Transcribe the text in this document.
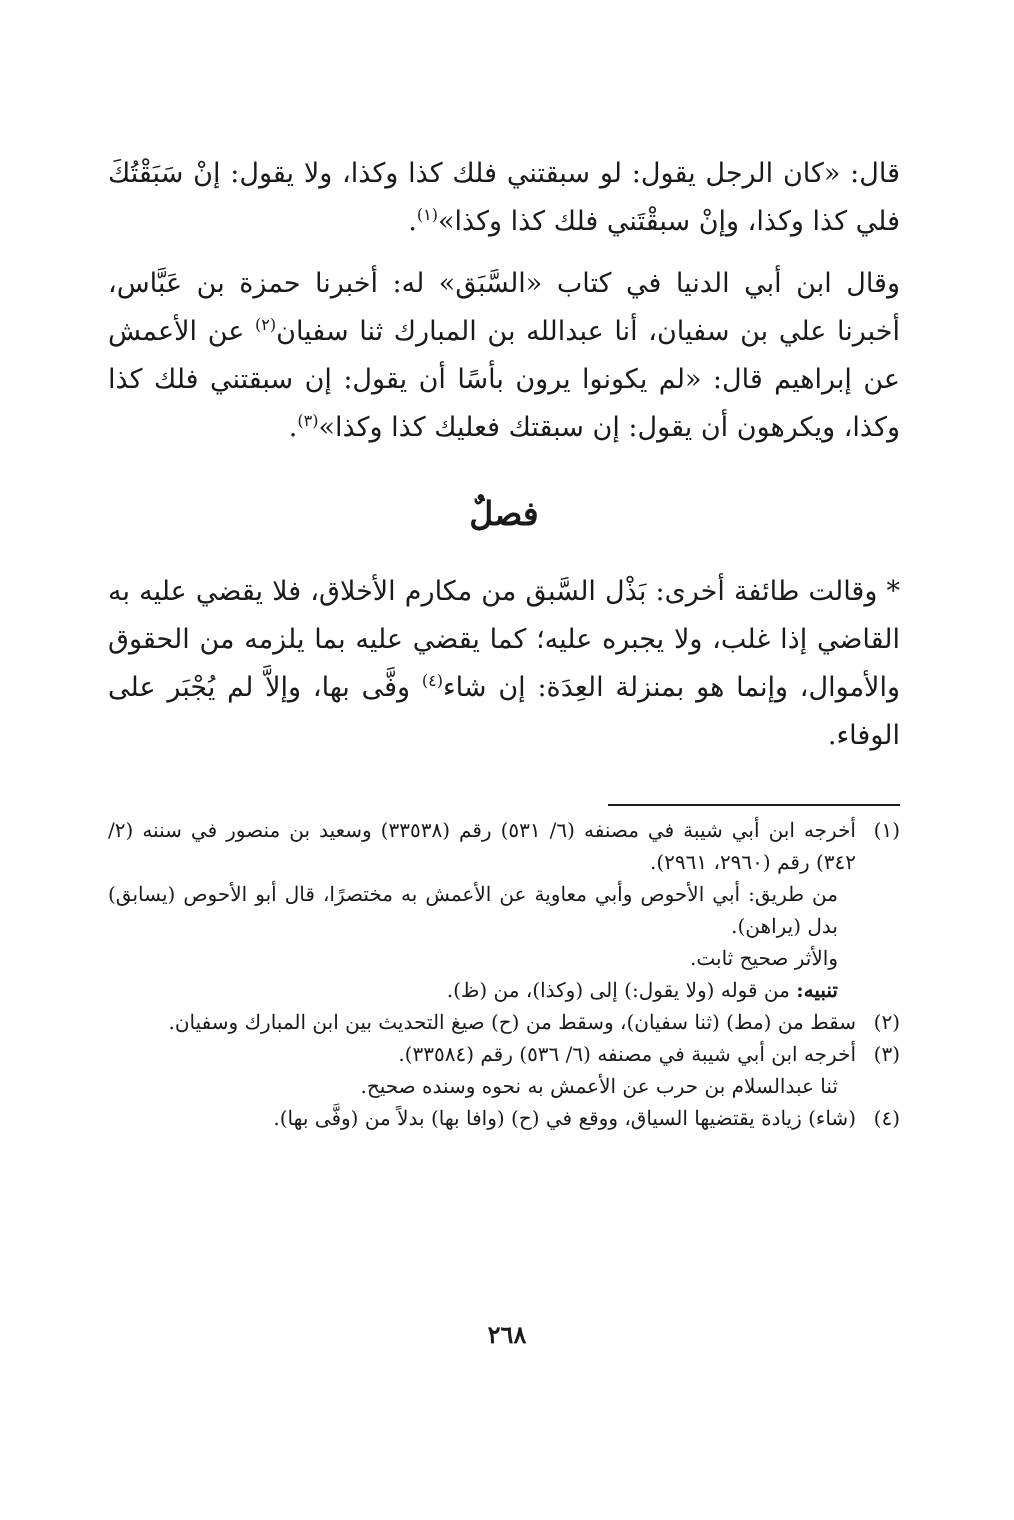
قال: «كان الرجل يقول: لو سبقتني فلك كذا وكذا، ولا يقول: إنْ سَبَقْتُكَ فلي كذا وكذا، وإنْ سبقْتَني فلك كذا وكذا»$^{(١)}$.

وقال ابن أبي الدنيا في كتاب «السَّبَق» له: أخبرنا حمزة بن عَبَّاس، أخبرنا علي بن سفيان، أنا عبدالله بن المبارك ثنا سفيان$^{(٢)}$ عن الأعمش عن إبراهيم قال: «لم يكونوا يرون بأسًا أن يقول: إن سبقتني فلك كذا وكذا، ويكرهون أن يقول: إن سبقتك فعليك كذا وكذا»$^{(٣)}$.

فصلٌ

* وقالت طائفة أخرى: بَذْل السَّبق من مكارم الأخلاق، فلا يقضي عليه به القاضي إذا غلب، ولا يجبره عليه؛ كما يقضي عليه بما يلزمه من الحقوق والأموال، وإنما هو بمنزلة العِدَة: إن شاء$^{(٤)}$ وفَّى بها، وإلاَّ لم يُجْبَر على الوفاء.

(١)
أخرجه ابن أبي شيبة في مصنفه (٦/ ٥٣١) رقم (٣٣٥٣٨) وسعيد بن منصور في سننه (٢/ ٣٤٢) رقم (٢٩٦٠، ٢٩٦١).
من طريق: أبي الأحوص وأبي معاوية عن الأعمش به مختصرًا، قال أبو الأحوص (يسابق) بدل (يراهن).
والأثر صحيح ثابت.
تنبيه: من قوله (ولا يقول:) إلى (وكذا)، من (ظ).
(٢)
سقط من (مط) (ثنا سفيان)، وسقط من (ح) صيغ التحديث بين ابن المبارك وسفيان.
(٣)
أخرجه ابن أبي شيبة في مصنفه (٦/ ٥٣٦) رقم (٣٣٥٨٤).
ثنا عبدالسلام بن حرب عن الأعمش به نحوه وسنده صحيح.
(٤)
(شاء) زيادة يقتضيها السياق، ووقع في (ح) (وافا بها) بدلاً من (وفَّى بها).
٢٦٨
